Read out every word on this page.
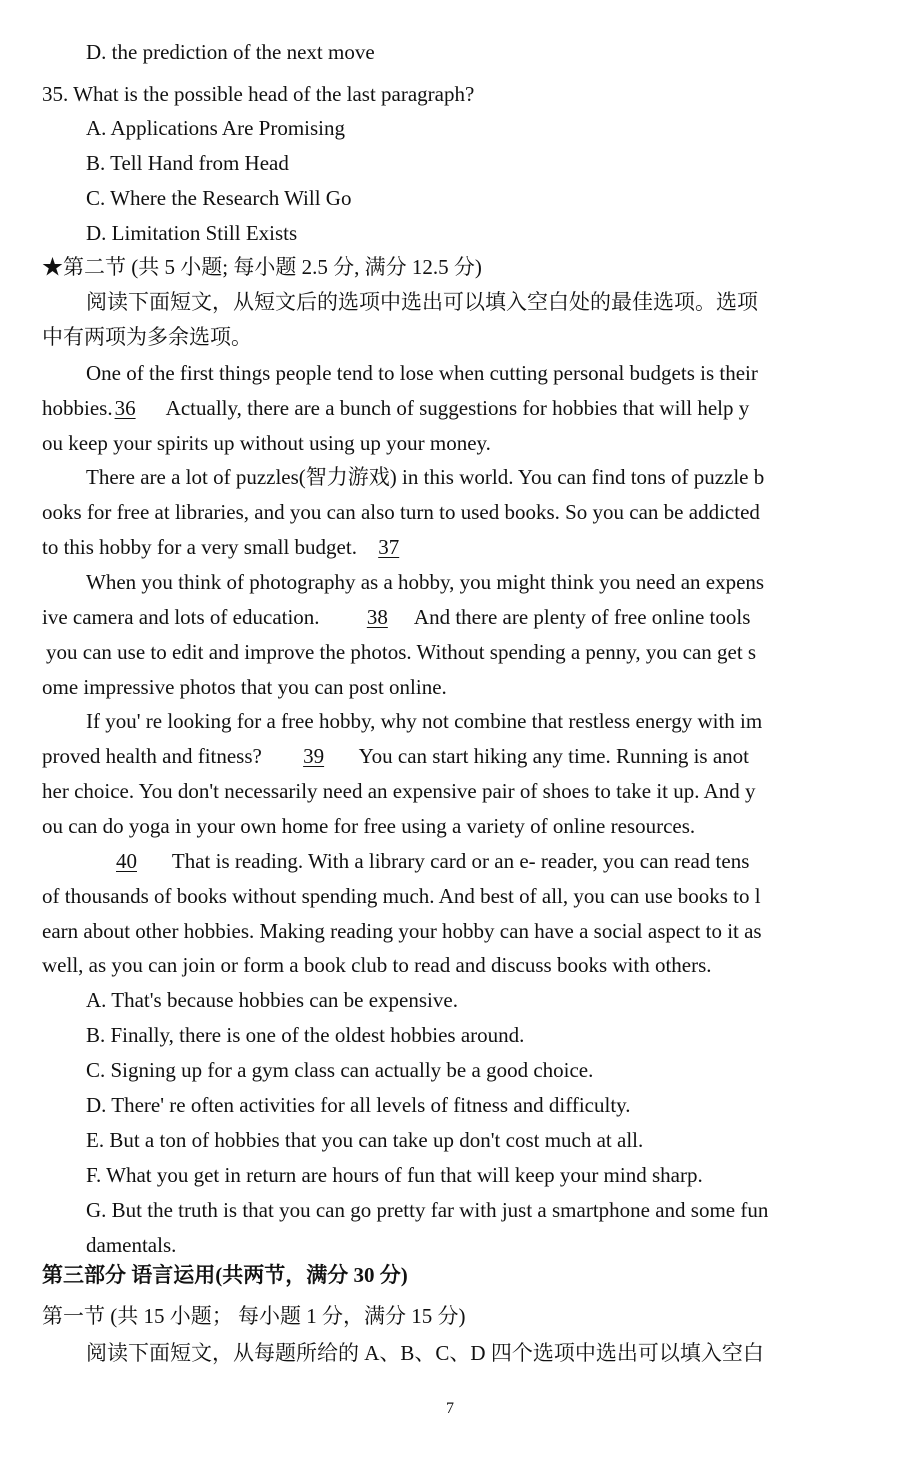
D. the prediction of the next move
35. What is the possible head of the last paragraph?
A. Applications Are Promising
B. Tell Hand from Head
C. Where the Research Will Go
D. Limitation Still Exists
★第二节 (共 5 小题; 每小题 2.5 分, 满分 12.5 分)
阅读下面短文，从短文后的选项中选出可以填入空白处的最佳选项。选项
中有两项为多余选项。
One of the first things people tend to lose when cutting personal budgets is their
hobbies.36 Actually, there are a bunch of suggestions for hobbies that will help y
ou keep your spirits up without using up your money.
There are a lot of puzzles(智力游戏) in this world. You can find tons of puzzle b
ooks for free at libraries, and you can also turn to used books. So you can be addicted
to this hobby for a very small budget. 37
When you think of photography as a hobby, you might think you need an expens
ive camera and lots of education. 38 And there are plenty of free online tools
you can use to edit and improve the photos. Without spending a penny, you can get s
ome impressive photos that you can post online.
If you' re looking for a free hobby, why not combine that restless energy with im
proved health and fitness? 39 You can start hiking any time. Running is anot
her choice. You don't necessarily need an expensive pair of shoes to take it up. And y
ou can do yoga in your own home for free using a variety of online resources.
40 That is reading. With a library card or an e- reader, you can read tens
of thousands of books without spending much. And best of all, you can use books to l
earn about other hobbies. Making reading your hobby can have a social aspect to it as
well, as you can join or form a book club to read and discuss books with others.
A. That's because hobbies can be expensive.
B. Finally, there is one of the oldest hobbies around.
C. Signing up for a gym class can actually be a good choice.
D. There' re often activities for all levels of fitness and difficulty.
E. But a ton of hobbies that you can take up don't cost much at all.
F. What you get in return are hours of fun that will keep your mind sharp.
G. But the truth is that you can go pretty far with just a smartphone and some fun
damentals.
第三部分 语言运用(共两节，满分 30 分)
第一节 (共 15 小题； 每小题 1 分，满分 15 分)
阅读下面短文，从每题所给的 A、B、C、D 四个选项中选出可以填入空白
7
